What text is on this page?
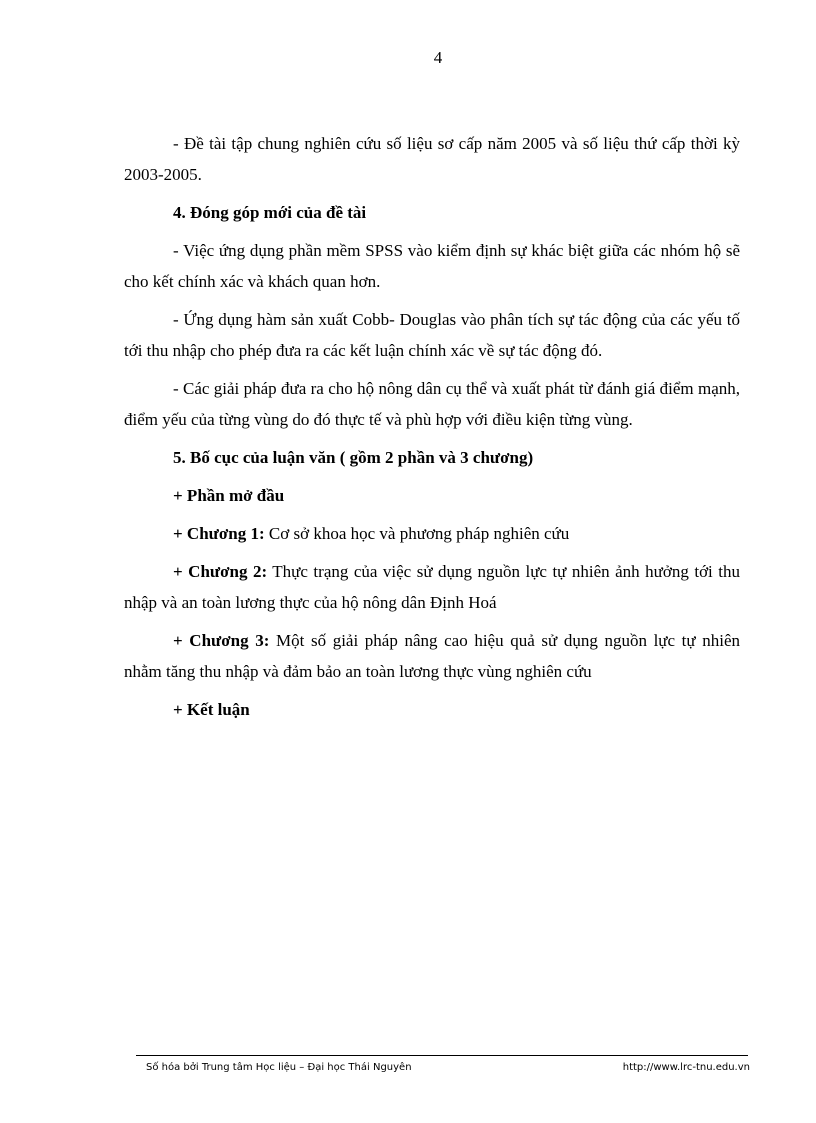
4

- Đề tài tập chung nghiên cứu số liệu sơ cấp năm 2005 và số liệu thứ cấp thời kỳ 2003-2005.

4. Đóng góp mới của đề tài

- Việc ứng dụng phần mềm SPSS vào kiểm định sự khác biệt giữa các nhóm hộ sẽ cho kết chính xác và khách quan hơn.

- Ứng dụng hàm sản xuất Cobb- Douglas vào phân tích sự tác động của các yếu tố tới thu nhập cho phép đưa ra các kết luận chính xác về sự tác động đó.

- Các giải pháp đưa ra cho hộ nông dân cụ thể và xuất phát từ đánh giá điểm mạnh, điểm yếu của từng vùng do đó thực tế và phù hợp với điều kiện từng vùng.

5. Bố cục của luận văn ( gồm 2 phần và 3 chương)

+ Phần mở đầu

+ Chương 1: Cơ sở khoa học và phương pháp nghiên cứu

+ Chương 2: Thực trạng của việc sử dụng nguồn lực tự nhiên ảnh hưởng tới thu nhập và an toàn lương thực của hộ nông dân Định Hoá

+ Chương 3: Một số giải pháp nâng cao hiệu quả sử dụng nguồn lực tự nhiên nhằm tăng thu nhập và đảm bảo an toàn lương thực vùng nghiên cứu

+ Kết luận

Số hóa bởi Trung tâm Học liệu – Đại học Thái Nguyên	http://www.lrc-tnu.edu.vn
